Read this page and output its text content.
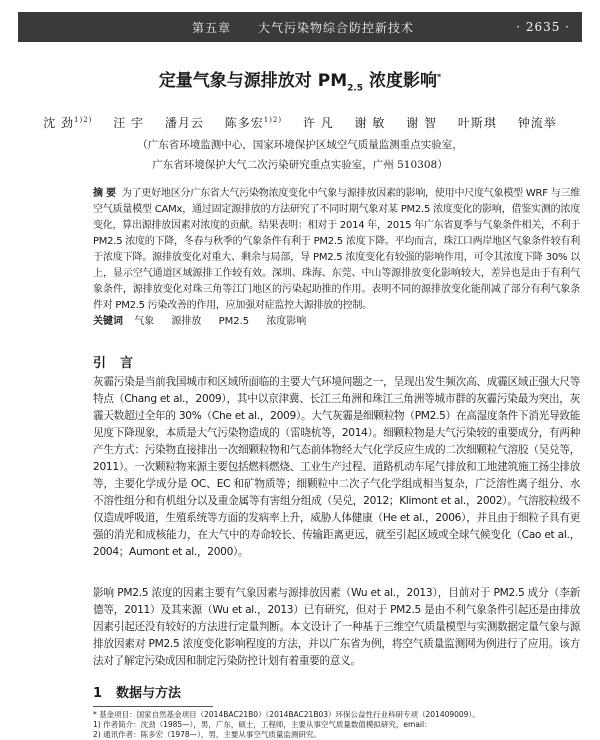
第五章 大气污染物综合防控新技术	· 2635 ·
定量气象与源排放对 $PM_{2.5}$ 浓度影响*
沈 劲$^{1)2)}$ 汪 宇 潘月云 陈多宏$^{1)2)}$ 许 凡 谢 敏 谢 智 叶斯琪 钟流举
（广东省环境监测中心，国家环境保护区域空气质量监测重点实验室，
广东省环境保护大气二次污染研究重点实验室，广州 510308）
摘 要 为了更好地区分广东省大气污染物浓度变化中气象与源排放因素的影响，使用中尺度气象模型 WRF 与三维空气质量模型 CAMx，通过固定源排放的方法研究了不同时期气象对某 PM2.5 浓度变化的影响，借鉴实测的浓度变化，算出源排放因素对浓度的贡献。结果表明：相对于 2014 年，2015 年广东省夏季与气象条件相关，不利于 PM2.5 浓度的下降，冬春与秋季的气象条件有利于 PM2.5 浓度下降。平均而言，珠江口两岸地区气象条件较有利于浓度下降。源排放变化对重大、剩余与局部，导 PM2.5 浓度变化有较强的影响作用，可令其浓度下降 30% 以上，显示空气通道区域源排工作较有效。深圳、珠海、东莞、中山等源排放变化影响较大，差异也是由于有利气象条件，源排放变化对珠三角等江门地区的污染起助推的作用。表明不同的源排放变化能削减了部分有利气象条件对 PM2.5 污染改善的作用，应加强对症监控大源排放的控制。
关键词 气象 源排放 PM2.5 浓度影响
引 言
灰霾污染是当前我国城市和区域所面临的主要大气环境问题之一，呈现出发生频次高、成霾区域正强大尺等特点（Chang et al.，2009），其中以京津冀、长江三角洲和珠江三角洲等城市群的灰霾污染最为突出，灰霾天数超过全年的 30%（Che et al.，2009）。大气灰霾是细颗粒物（PM2.5）在高湿度条件下消光导致能见度下降现象，本质是大气污染物造成的（雷晓杭等，2014）。细颗粒物是大气污染较的重要成分，有两种产生方式：污染物直接排出一次细颗粒物和气态前体物经大气化学反应生成的二次细颗粒气溶胶（吴兑等，2011）。一次颗粒物来源主要包括燃料燃烧、工业生产过程、道路机动车尾气排放和工地建筑施工扬尘排放等，主要化学成分是 OC、EC 和矿物质等；细颗粒中二次子气化学组成相当复杂，广泛溶性离子组分、水不溶性组分和有机组分以及重金属等有害组分组成（吴兑，2012；Klimont et al.，2002）。气溶胶粒级不仅造成呼吸道，生殖系统等方面的发病率上升，威胁人体健康（He et al.，2006），并且由于细粒子具有更强的消光和成核能力，在大气中的寿命较长、传输距离更远，就至引起区域或全球气候变化（Cao et al.，2004；Aumont et al.，2000）。
影响 PM2.5 浓度的因素主要有气象因素与源排放因素（Wu et al.，2013），目前对于 PM2.5 成分（李新德等，2011）及其来源（Wu et al.，2013）已有研究，但对于 PM2.5 是由不利气象条件引起还是由排放因素引起还没有较好的方法进行定量判断。本文设计了一种基于三维空气质量模型与实测数据定量气象与源排放因素对 PM2.5 浓度变化影响程度的方法，并以广东省为例，将空气质量监测网为例进行了应用。该方法对了解定污染成因和制定污染防控计划有着重要的意义。
1 数据与方法
* 基金项目：国家自然基金项目（2014BAC21B0）（2014BAC21B03）环保公益性行业科研专项（201409009）。
1) 作者简介：沈劲（1985—），男，广东，硕士，工程师，主要从事空气质量数值模拟研究，email：
2) 通讯作者：陈多宏（1978—），男，主要从事空气质量监测研究。
